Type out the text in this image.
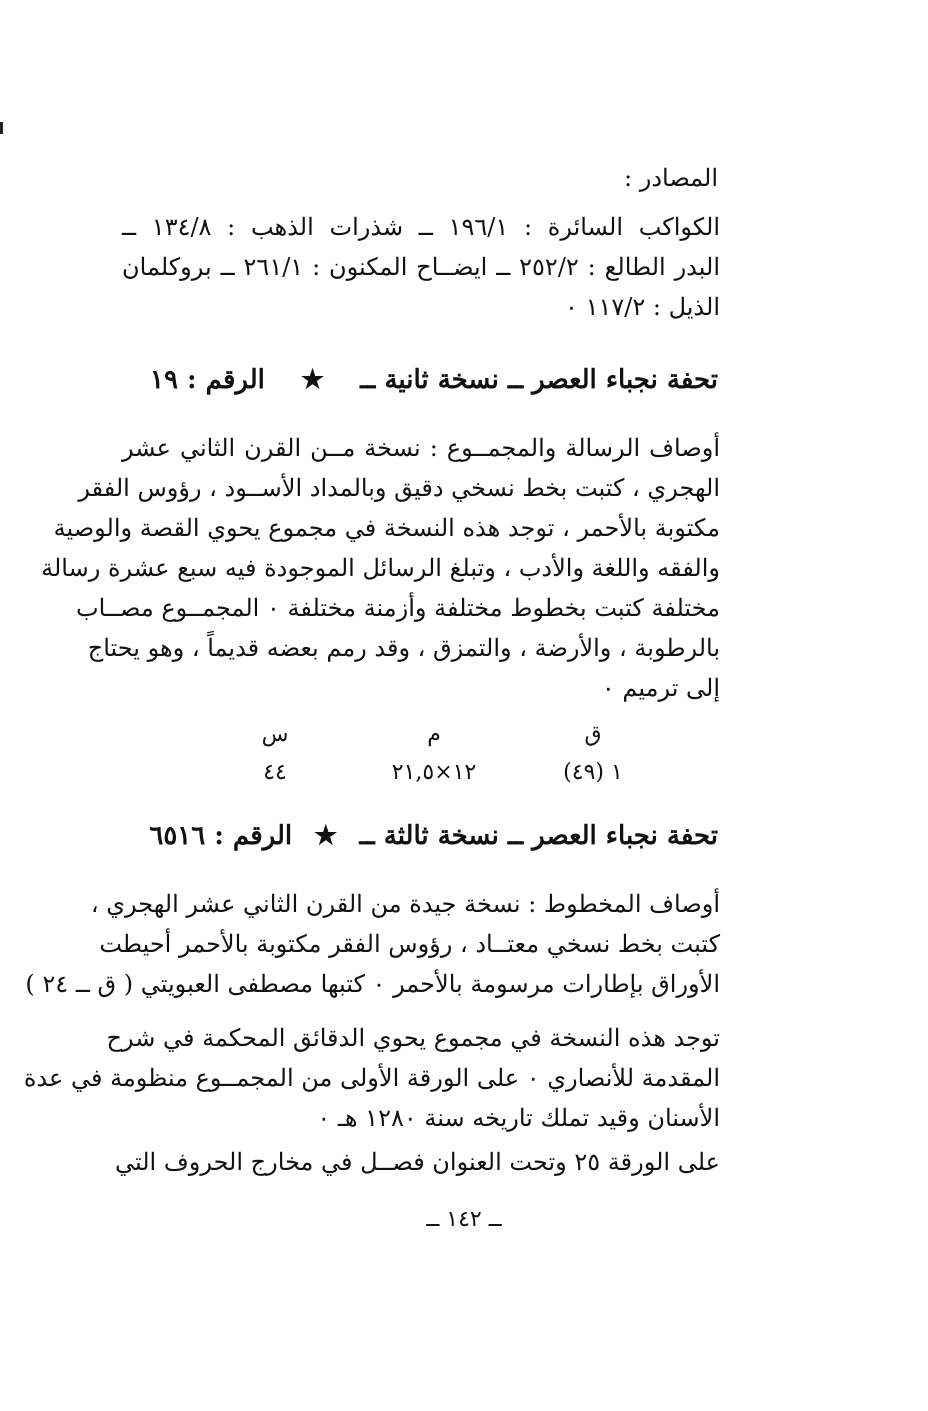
المصادر :
الكواكب السائرة : ١٩٦/١ ــ شذرات الذهب : ١٣٤/٨ ــ
البدر الطالع : ٢٥٢/٢ ــ ايضــاح المكنون : ٢٦١/١ ــ بروكلمان
الذيل : ١١٧/٢ ٠
تحفة نجباء العصر ــ نسخة ثانية ــ
★
الرقم : ١٩
أوصاف الرسالة والمجمــوع : نسخة مــن القرن الثاني عشر
الهجري ، كتبت بخط نسخي دقيق وبالمداد الأســود ، رؤوس الفقر
مكتوبة بالأحمر ، توجد هذه النسخة في مجموع يحوي القصة والوصية
والفقه واللغة والأدب ، وتبلغ الرسائل الموجودة فيه سبع عشرة رسالة
مختلفة كتبت بخطوط مختلفة وأزمنة مختلفة ٠ المجمــوع مصــاب
بالرطوبة ، والأرضة ، والتمزق ، وقد رمم بعضه قديماً ، وهو يحتاج
إلى ترميم ٠
ق
م
س
١ (٤٩)
١٢×٢١,٥
٤٤
تحفة نجباء العصر ــ نسخة ثالثة ــ
★
الرقم : ٦٥١٦
أوصاف المخطوط : نسخة جيدة من القرن الثاني عشر الهجري ،
كتبت بخط نسخي معتــاد ، رؤوس الفقر مكتوبة بالأحمر أحيطت
الأوراق بإطارات مرسومة بالأحمر ٠ كتبها مصطفى العبويتي ( ق ــ ٢٤ )
توجد هذه النسخة في مجموع يحوي الدقائق المحكمة في شرح
المقدمة للأنصاري ٠ على الورقة الأولى من المجمــوع منظومة في عدة
الأسنان وقيد تملك تاريخه سنة ١٢٨٠ هـ ٠
على الورقة ٢٥ وتحت العنوان فصــل في مخارج الحروف التي
ــ ١٤٢ ــ
